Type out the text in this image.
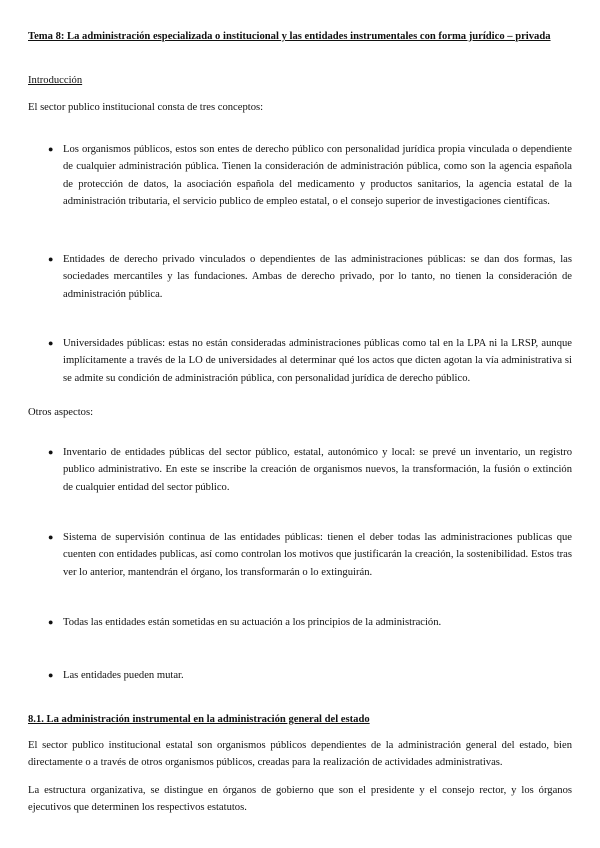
Tema 8: La administración especializada o institucional y las entidades instrumentales con forma jurídico – privada

Introducción

El sector publico institucional consta de tres conceptos:

● Los organismos públicos, estos son entes de derecho público con personalidad jurídica propia vinculada o dependiente de cualquier administración pública. Tienen la consideración de administración pública, como son la agencia española de protección de datos, la asociación española del medicamento y productos sanitarios, la agencia estatal de la administración tributaria, el servicio publico de empleo estatal, o el consejo superior de investigaciones científicas.

● Entidades de derecho privado vinculados o dependientes de las administraciones públicas: se dan dos formas, las sociedades mercantiles y las fundaciones. Ambas de derecho privado, por lo tanto, no tienen la consideración de administración pública.

● Universidades públicas: estas no están consideradas administraciones públicas como tal en la LPA ni la LRSP, aunque implícitamente a través de la LO de universidades al determinar qué los actos que dicten agotan la vía administrativa si se admite su condición de administración pública, con personalidad jurídica de derecho público.

Otros aspectos:

● Inventario de entidades públicas del sector público, estatal, autonómico y local: se prevé un inventario, un registro publico administrativo. En este se inscribe la creación de organismos nuevos, la transformación, la fusión o extinción de cualquier entidad del sector público.

● Sistema de supervisión continua de las entidades públicas: tienen el deber todas las administraciones publicas que cuenten con entidades publicas, así como controlan los motivos que justificarán la creación, la sostenibilidad. Estos tras ver lo anterior, mantendrán el órgano, los transformarán o lo extinguirán.

● Todas las entidades están sometidas en su actuación a los principios de la administración.

● Las entidades pueden mutar.

8.1. La administración instrumental en la administración general del estado

El sector publico institucional estatal son organismos públicos dependientes de la administración general del estado, bien directamente o a través de otros organismos públicos, creadas para la realización de actividades administrativas.

La estructura organizativa, se distingue en órganos de gobierno que son el presidente y el consejo rector, y los órganos ejecutivos que determinen los respectivos estatutos.
